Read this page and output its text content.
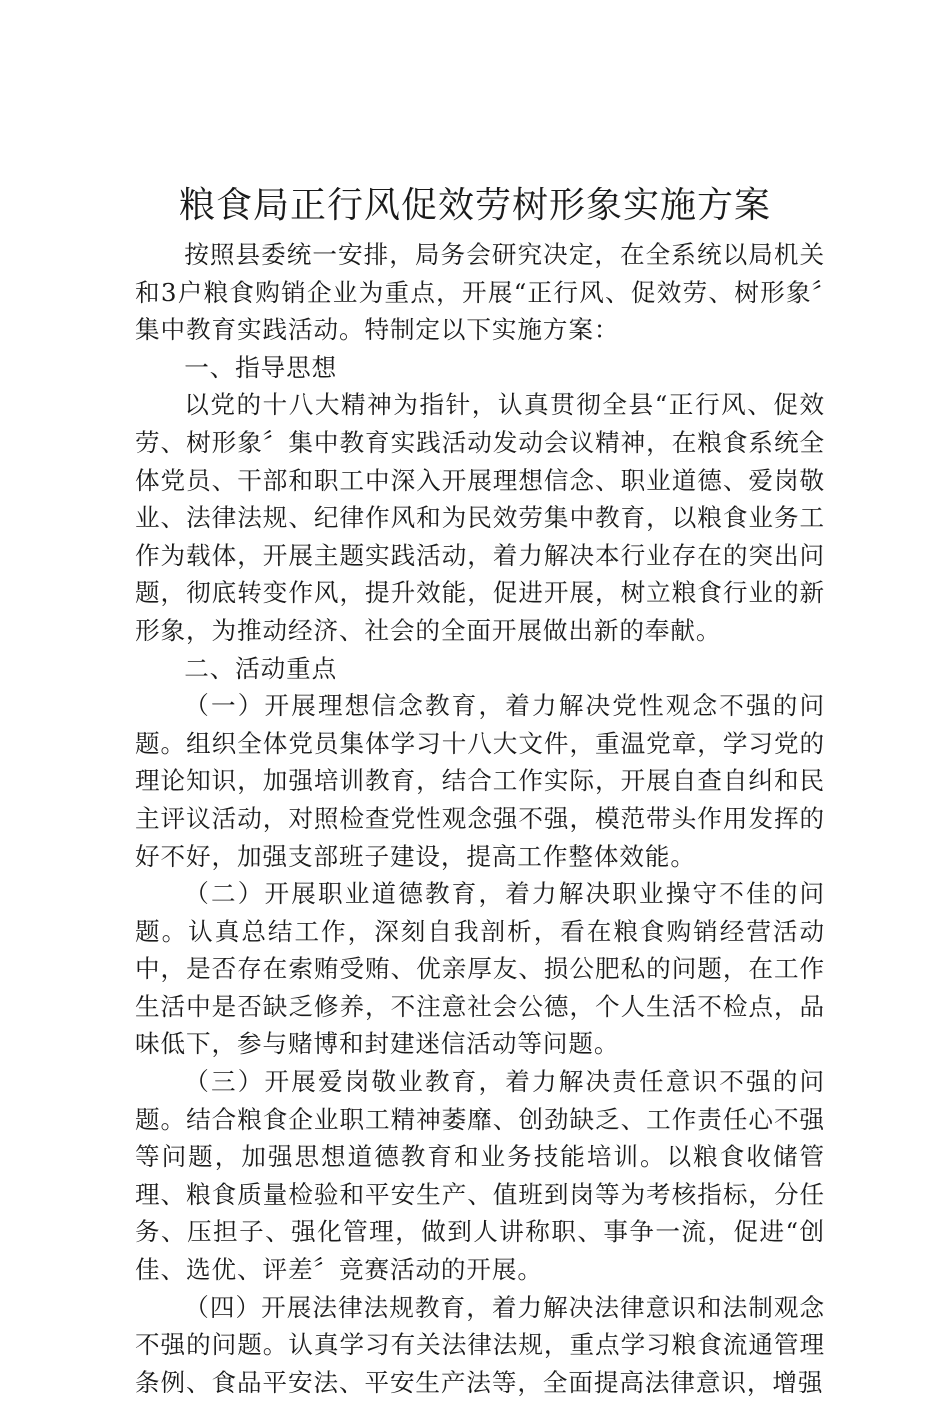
粮食局正行风促效劳树形象实施方案

按照县委统一安排，局务会研究决定，在全系统以局机关和3户粮食购销企业为重点，开展“正行风、促效劳、树形象〞集中教育实践活动。特制定以下实施方案：

一、指导思想

以党的十八大精神为指针，认真贯彻全县“正行风、促效劳、树形象〞集中教育实践活动发动会议精神，在粮食系统全体党员、干部和职工中深入开展理想信念、职业道德、爱岗敬业、法律法规、纪律作风和为民效劳集中教育，以粮食业务工作为载体，开展主题实践活动，着力解决本行业存在的突出问题，彻底转变作风，提升效能，促进开展，树立粮食行业的新形象，为推动经济、社会的全面开展做出新的奉献。

二、活动重点

（一）开展理想信念教育，着力解决党性观念不强的问题。组织全体党员集体学习十八大文件，重温党章，学习党的理论知识，加强培训教育，结合工作实际，开展自查自纠和民主评议活动，对照检查党性观念强不强，模范带头作用发挥的好不好，加强支部班子建设，提高工作整体效能。

（二）开展职业道德教育，着力解决职业操守不佳的问题。认真总结工作，深刻自我剖析，看在粮食购销经营活动中，是否存在索贿受贿、优亲厚友、损公肥私的问题，在工作生活中是否缺乏修养，不注意社会公德，个人生活不检点，品味低下，参与赌博和封建迷信活动等问题。

（三）开展爱岗敬业教育，着力解决责任意识不强的问题。结合粮食企业职工精神萎靡、创劲缺乏、工作责任心不强等问题，加强思想道德教育和业务技能培训。以粮食收储管理、粮食质量检验和平安生产、值班到岗等为考核指标，分任务、压担子、强化管理，做到人讲称职、事争一流，促进“创佳、选优、评差〞竞赛活动的开展。

（四）开展法律法规教育，着力解决法律意识和法制观念不强的问题。认真学习有关法律法规，重点学习粮食流通管理条例、食品平安法、平安生产法等，全面提高法律意识，增强
